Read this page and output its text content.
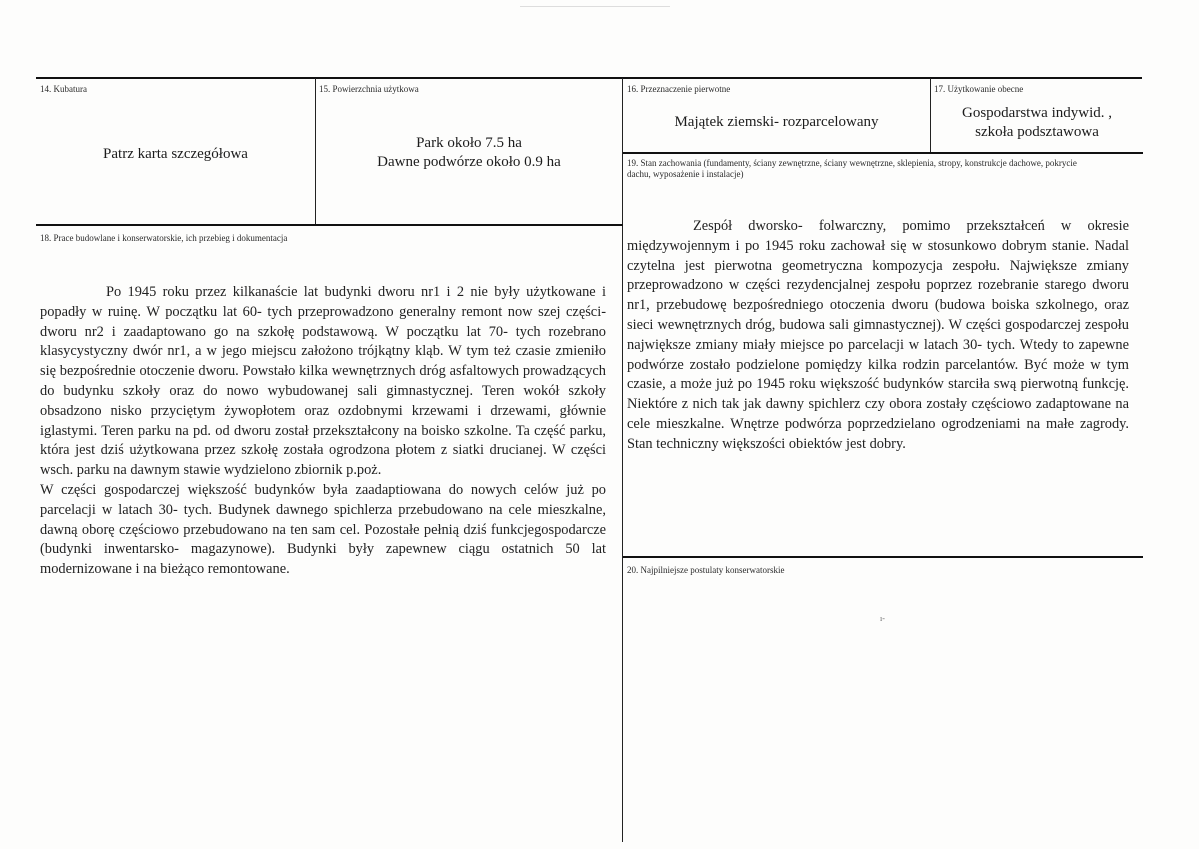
14. Kubatura
Patrz karta szczegółowa
15. Powierzchnia użytkowa
Park około 7.5 ha
Dawne podwórze około 0.9 ha
16. Przeznaczenie pierwotne
Majątek ziemski- rozparcelowany
17. Użytkowanie obecne
Gospodarstwa indywid. ,
szkoła podsztawowa
18. Prace budowlane i konserwatorskie, ich przebieg i dokumentacja

Po 1945 roku przez kilkanaście lat budynki dworu nr1 i 2 nie były użytkowane i popadły w ruinę. W początku lat 60- tych przeprowadzono generalny remont now szej części- dworu nr2 i zaadaptowano go na szkołę podstawową. W początku lat 70- tych rozebrano klasycystyczny dwór nr1, a w jego miejscu założono trójkątny kląb. W tym też czasie zmieniło się bezpośrednie otoczenie dworu. Powstało kilka wewnętrznych dróg asfaltowych prowadzących do budynku szkoły oraz do nowo wybudowanej sali gimnastycznej. Teren wokół szkoły obsadzono nisko przyciętym żywopłotem oraz ozdobnymi krzewami i drzewami, głównie iglastymi. Teren parku na pd. od dworu został przekształcony na boisko szkolne. Ta część parku, która jest dziś użytkowana przez szkołę została ogrodzona płotem z siatki drucianej. W części wsch. parku na dawnym stawie wydzielono zbiornik p.poż.

W części gospodarczej większość budynków była zaadaptiowana do nowych celów już po parcelacji w latach 30- tych. Budynek dawnego spichlerza przebudowano na cele mieszkalne, dawną oborę częściowo przebudowano na ten sam cel. Pozostałe pełnią dziś funkcjegospodarcze (budynki inwentarsko- magazynowe). Budynki były zapewnew ciągu ostatnich 50 lat modernizowane i na bieżąco remontowane.

19. Stan zachowania (fundamenty, ściany zewnętrzne, ściany wewnętrzne, sklepienia, stropy, konstrukcje dachowe, pokrycie dachu, wyposażenie i instalacje)

Zespół dworsko- folwarczny, pomimo przekształceń w okresie międzywojennym i po 1945 roku zachował się w stosunkowo dobrym stanie. Nadal czytelna jest pierwotna geometryczna kompozycja zespołu. Największe zmiany przeprowadzono w części rezydencjalnej zespołu poprzez rozebranie starego dworu nr1, przebudowę bezpośredniego otoczenia dworu (budowa boiska szkolnego, oraz sieci wewnętrznych dróg, budowa sali gimnastycznej). W części gospodarczej zespołu największe zmiany miały miejsce po parcelacji w latach 30- tych. Wtedy to zapewne podwórze zostało podzielone pomiędzy kilka rodzin parcelantów. Być może w tym czasie, a może już po 1945 roku większość budynków starciła swą pierwotną funkcję. Niektóre z nich tak jak dawny spichlerz czy obora zostały częściowo zadaptowane na cele mieszkalne. Wnętrze podwórza poprzedzielano ogrodzeniami na małe zagrody. Stan techniczny większości obiektów jest dobry.

20. Najpilniejsze postulaty konserwatorskie
ı-
